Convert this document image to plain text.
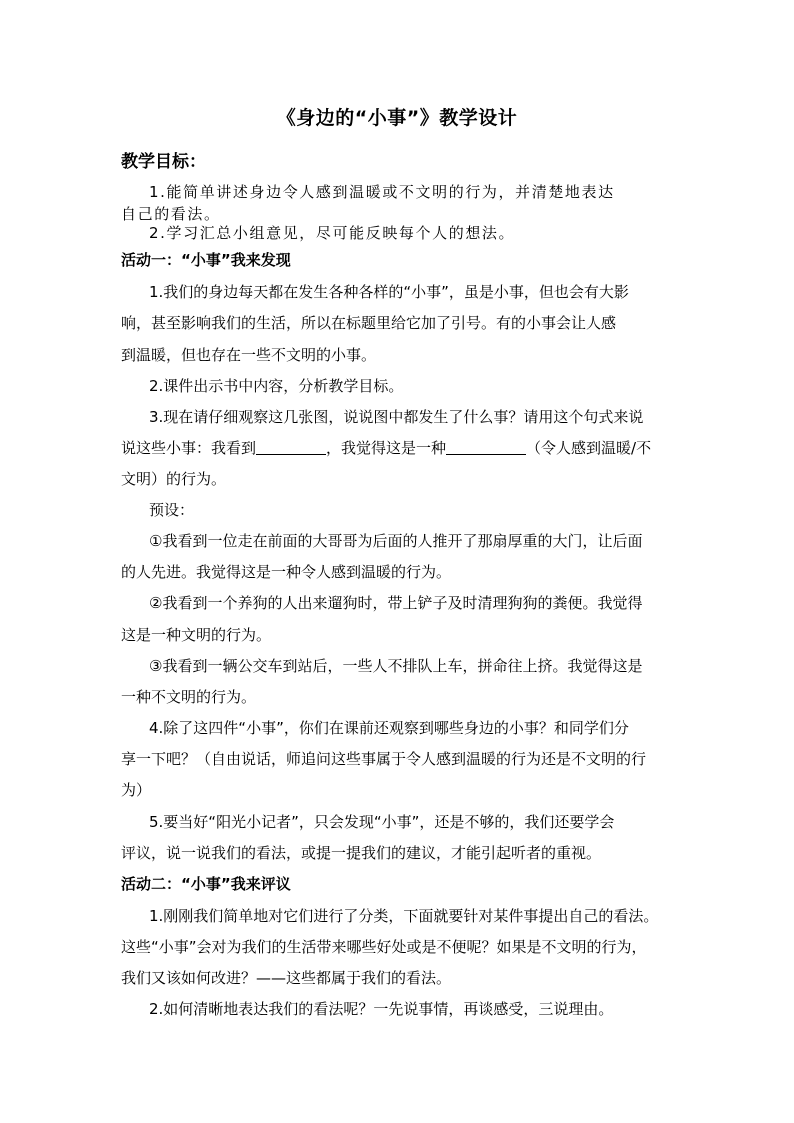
《身边的“小事”》教学设计
教学目标：
1.能简单讲述身边令人感到温暖或不文明的行为，并清楚地表达
自己的看法。
2.学习汇总小组意见，尽可能反映每个人的想法。
活动一：“小事”我来发现
1.我们的身边每天都在发生各种各样的“小事”，虽是小事，但也会有大影
响，甚至影响我们的生活，所以在标题里给它加了引号。有的小事会让人感
到温暖，但也存在一些不文明的小事。
2.课件出示书中内容，分析教学目标。
3.现在请仔细观察这几张图，说说图中都发生了什么事？请用这个句式来说
说这些小事：我看到	，我觉得这是一种	（令人感到温暖/不
文明）的行为。
预设：
①我看到一位走在前面的大哥哥为后面的人推开了那扇厚重的大门，让后面
的人先进。我觉得这是一种令人感到温暖的行为。
②我看到一个养狗的人出来遛狗时，带上铲子及时清理狗狗的粪便。我觉得
这是一种文明的行为。
③我看到一辆公交车到站后，一些人不排队上车，拼命往上挤。我觉得这是
一种不文明的行为。
4.除了这四件“小事”，你们在课前还观察到哪些身边的小事？和同学们分
享一下吧？（自由说话，师追问这些事属于令人感到温暖的行为还是不文明的行
为）
5.要当好“阳光小记者”，只会发现“小事”，还是不够的，我们还要学会
评议，说一说我们的看法，或提一提我们的建议，才能引起听者的重视。
活动二：“小事”我来评议
1.刚刚我们简单地对它们进行了分类，下面就要针对某件事提出自己的看法。
这些“小事”会对为我们的生活带来哪些好处或是不便呢？如果是不文明的行为，
我们又该如何改进？——这些都属于我们的看法。
2.如何清晰地表达我们的看法呢？一先说事情，再谈感受，三说理由。
